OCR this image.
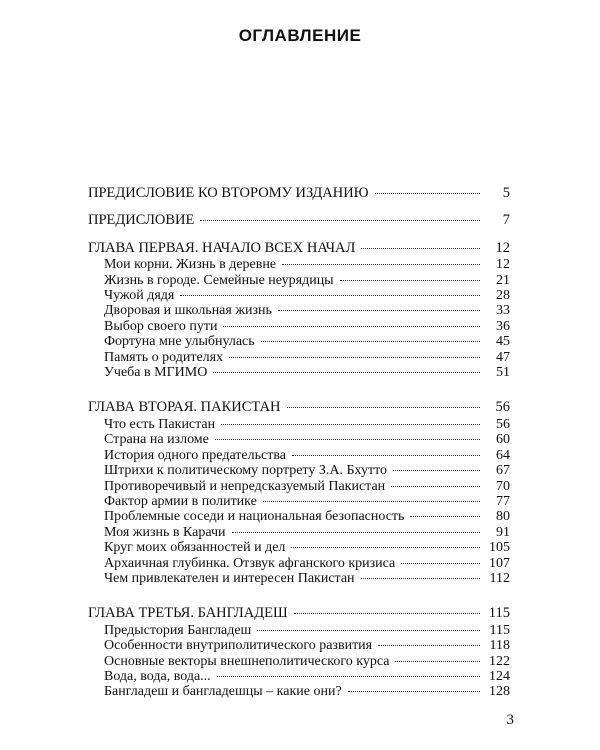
ОГЛАВЛЕНИЕ
ПРЕДИСЛОВИЕ КО ВТОРОМУ ИЗДАНИЮ	5
ПРЕДИСЛОВИЕ	7
ГЛАВА ПЕРВАЯ. НАЧАЛО ВСЕХ НАЧАЛ	12
Мои корни. Жизнь в деревне	12
Жизнь в городе. Семейные неурядицы	21
Чужой дядя	28
Дворовая и школьная жизнь	33
Выбор своего пути	36
Фортуна мне улыбнулась	45
Память о родителях	47
Учеба в МГИМО	51
ГЛАВА ВТОРАЯ. ПАКИСТАН	56
Что есть Пакистан	56
Страна на изломе	60
История одного предательства	64
Штрихи к политическому портрету З.А. Бхутто	67
Противоречивый и непредсказуемый Пакистан	70
Фактор армии в политике	77
Проблемные соседи и национальная безопасность	80
Моя жизнь в Карачи	91
Круг моих обязанностей и дел	105
Архаичная глубинка. Отзвук афганского кризиса	107
Чем привлекателен и интересен Пакистан	112
ГЛАВА ТРЕТЬЯ. БАНГЛАДЕШ	115
Предыстория Бангладеш	115
Особенности внутриполитического развития	118
Основные векторы внешнеполитического курса	122
Вода, вода, вода...	124
Бангладеш и бангладешцы – какие они?	128
3
